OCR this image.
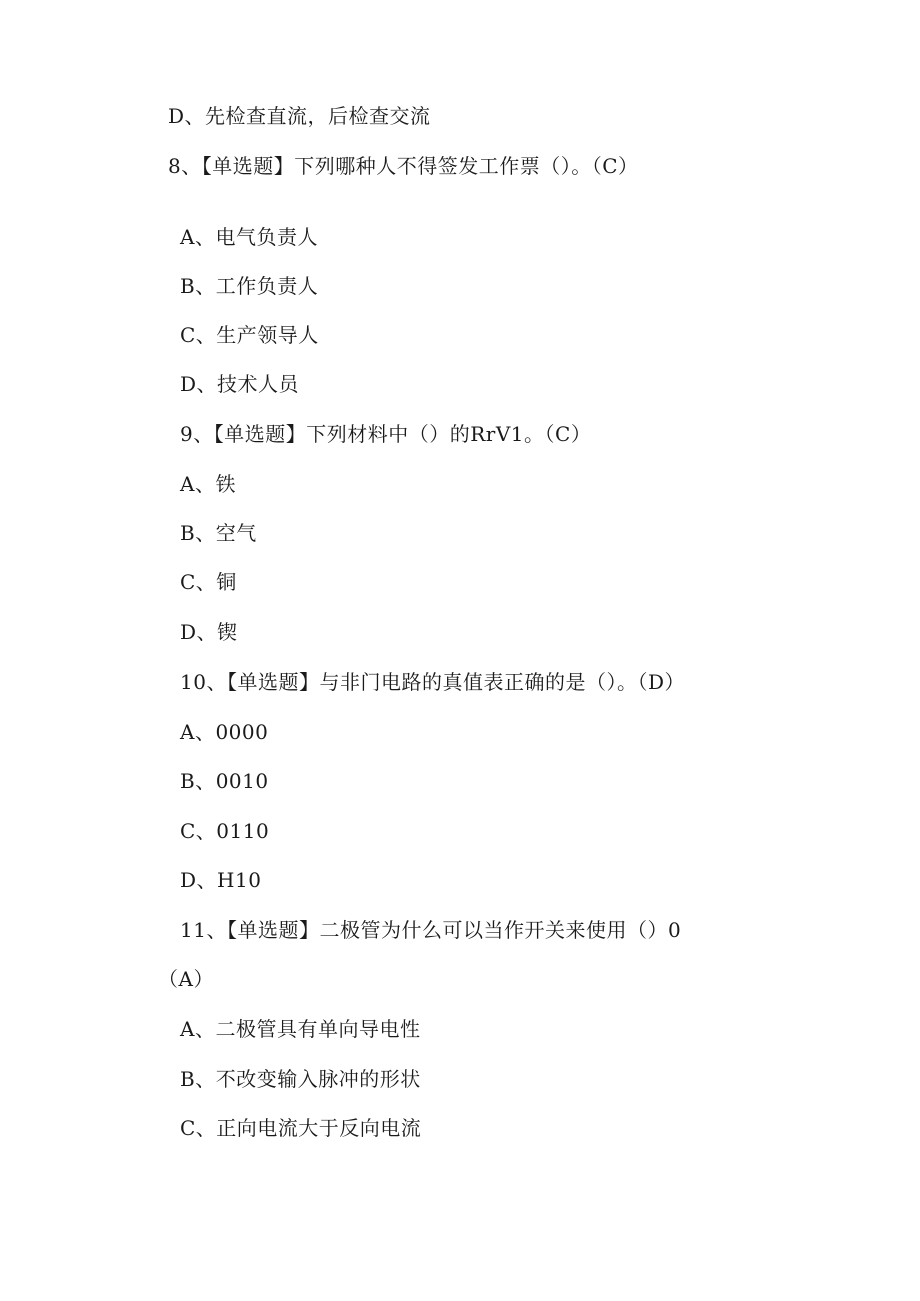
D、先检查直流，后检查交流
8、【单选题】下列哪种人不得签发工作票（）。（C）
A、电气负责人
B、工作负责人
C、生产领导人
D、技术人员
9、【单选题】下列材料中（）的RrV1。（C）
A、铁
B、空气
C、铜
D、锲
10、【单选题】与非门电路的真值表正确的是（）。（D）
A、0000
B、0010
C、0110
D、H10
11、【单选题】二极管为什么可以当作开关来使用（）0
（A）
A、二极管具有单向导电性
B、不改变输入脉冲的形状
C、正向电流大于反向电流
